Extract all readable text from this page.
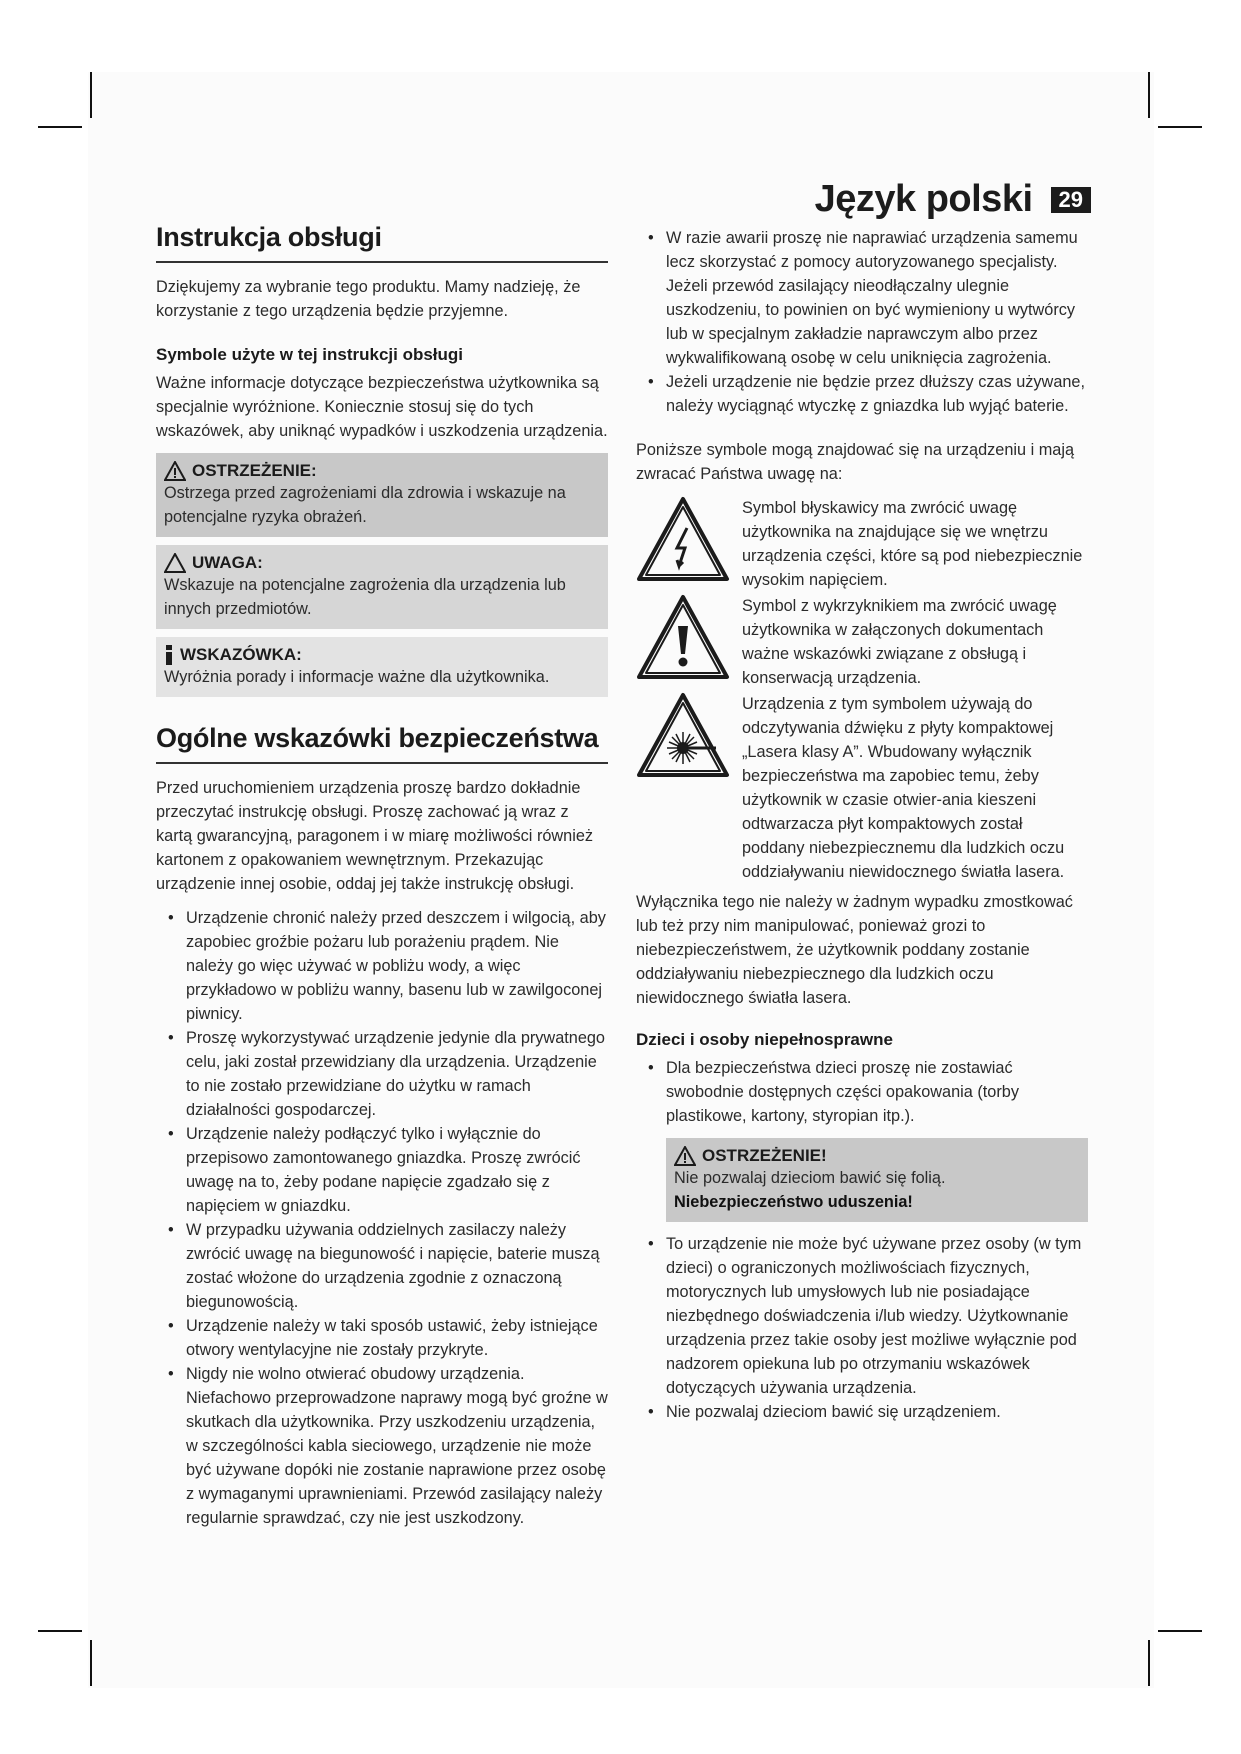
Język polski	29
Instrukcja obsługi

Dziękujemy za wybranie tego produktu. Mamy nadzieję, że korzystanie z tego urządzenia będzie przyjemne.

Symbole użyte w tej instrukcji obsługi

Ważne informacje dotyczące bezpieczeństwa użytkownika są specjalnie wyróżnione. Koniecznie stosuj się do tych wskazówek, aby uniknąć wypadków i uszkodzenia urządzenia.

OSTRZEŻENIE:
Ostrzega przed zagrożeniami dla zdrowia i wskazuje na potencjalne ryzyka obrażeń.
UWAGA:
Wskazuje na potencjalne zagrożenia dla urządzenia lub innych przedmiotów.
WSKAZÓWKA:
Wyróżnia porady i informacje ważne dla użytkownika.
Ogólne wskazówki bezpieczeństwa

Przed uruchomieniem urządzenia proszę bardzo dokładnie przeczytać instrukcję obsługi. Proszę zachować ją wraz z kartą gwarancyjną, paragonem i w miarę możliwości również kartonem z opakowaniem wewnętrznym. Przekazując urządzenie innej osobie, oddaj jej także instrukcję obsługi.

• Urządzenie chronić należy przed deszczem i wilgocią, aby zapobiec groźbie pożaru lub porażeniu prądem. Nie należy go więc używać w pobliżu wody, a więc przykładowo w pobliżu wanny, basenu lub w zawilgoconej piwnicy.
• Proszę wykorzystywać urządzenie jedynie dla prywatnego celu, jaki został przewidziany dla urządzenia. Urządzenie to nie zostało przewidziane do użytku w ramach działalności gospodarczej.
• Urządzenie należy podłączyć tylko i wyłącznie do przepisowo zamontowanego gniazdka. Proszę zwrócić uwagę na to, żeby podane napięcie zgadzało się z napięciem w gniazdku.
• W przypadku używania oddzielnych zasilaczy należy zwrócić uwagę na biegunowość i napięcie, baterie muszą zostać włożone do urządzenia zgodnie z oznaczoną biegunowością.
• Urządzenie należy w taki sposób ustawić, żeby istniejące otwory wentylacyjne nie zostały przykryte.
• Nigdy nie wolno otwierać obudowy urządzenia. Niefachowo przeprowadzone naprawy mogą być groźne w skutkach dla użytkownika. Przy uszkodzeniu urządzenia, w szczególności kabla sieciowego, urządzenie nie może być używane dopóki nie zostanie naprawione przez osobę z wymaganymi uprawnieniami. Przewód zasilający należy regularnie sprawdzać, czy nie jest uszkodzony.
• W razie awarii proszę nie naprawiać urządzenia samemu lecz skorzystać z pomocy autoryzowanego specjalisty. Jeżeli przewód zasilający nieodłączalny ulegnie uszkodzeniu, to powinien on być wymieniony u wytwórcy lub w specjalnym zakładzie naprawczym albo przez wykwalifikowaną osobę w celu uniknięcia zagrożenia.
• Jeżeli urządzenie nie będzie przez dłuższy czas używane, należy wyciągnąć wtyczkę z gniazdka lub wyjąć baterie.

Poniższe symbole mogą znajdować się na urządzeniu i mają zwracać Państwa uwagę na:

Symbol błyskawicy ma zwrócić uwagę użytkownika na znajdujące się we wnętrzu urządzenia części, które są pod niebezpiecznie wysokim napięciem.
Symbol z wykrzyknikiem ma zwrócić uwagę użytkownika w załączonych dokumentach ważne wskazówki związane z obsługą i konserwacją urządzenia.
Urządzenia z tym symbolem używają do odczytywania dźwięku z płyty kompaktowej „Lasera klasy A”. Wbudowany wyłącznik bezpieczeństwa ma zapobiec temu, żeby użytkownik w czasie otwier-ania kieszeni odtwarzacza płyt kompaktowych został poddany niebezpiecznemu dla ludzkich oczu oddziaływaniu niewidocznego światła lasera.

Wyłącznika tego nie należy w żadnym wypadku zmostkować lub też przy nim manipulować, ponieważ grozi to niebezpieczeństwem, że użytkownik poddany zostanie oddziaływaniu niebezpiecznego dla ludzkich oczu niewidocznego światła lasera.

Dzieci i osoby niepełnosprawne
• Dla bezpieczeństwa dzieci proszę nie zostawiać swobodnie dostępnych części opakowania (torby plastikowe, kartony, styropian itp.).
OSTRZEŻENIE!
Nie pozwalaj dzieciom bawić się folią. Niebezpieczeństwo uduszenia!
• To urządzenie nie może być używane przez osoby (w tym dzieci) o ograniczonych możliwościach fizycznych, motorycznych lub umysłowych lub nie posiadające niezbędnego doświadczenia i/lub wiedzy. Użytkownanie urządzenia przez takie osoby jest możliwe wyłącznie pod nadzorem opiekuna lub po otrzymaniu wskazówek dotyczących używania urządzenia.
• Nie pozwalaj dzieciom bawić się urządzeniem.
